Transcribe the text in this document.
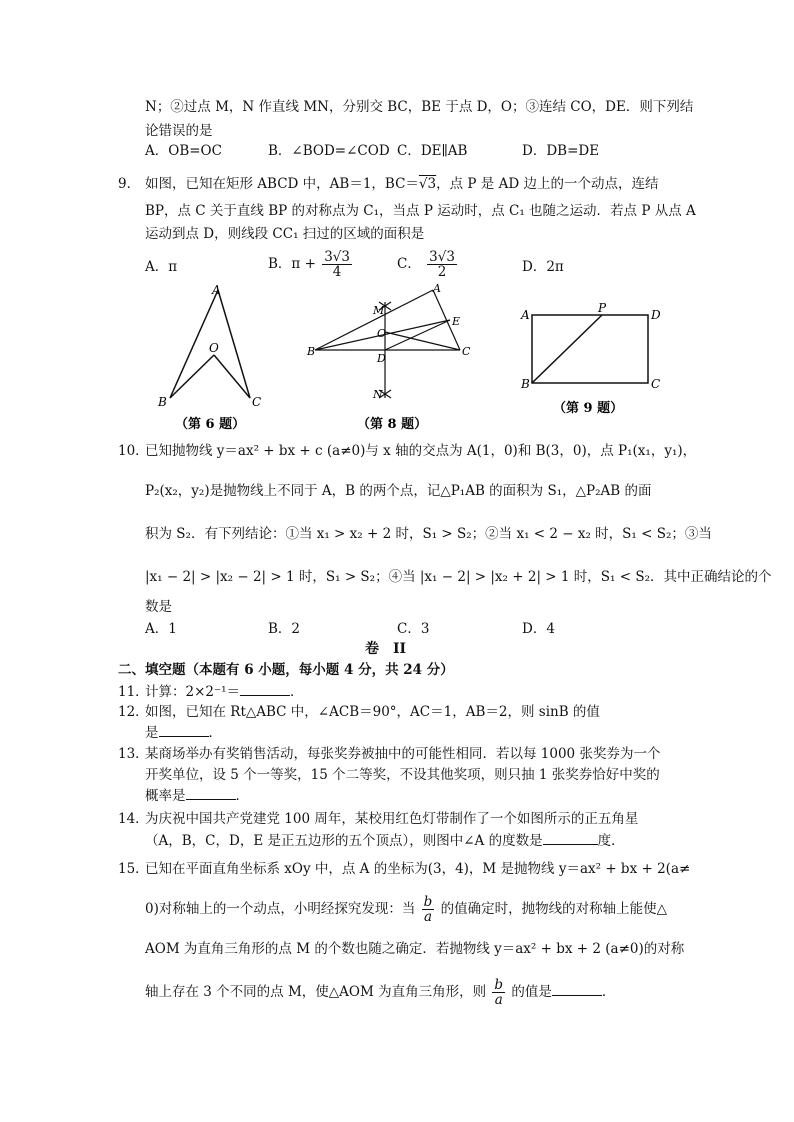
N；②过点 M，N 作直线 MN，分别交 BC，BE 于点 D，O；③连结 CO，DE．则下列结
论错误的是
A．OB=OC	B．∠BOD=∠COD C．DE∥AB	D．DB=DE
9． 如图，已知在矩形 ABCD 中，AB＝1，BC＝√3，点 P 是 AD 边上的一个动点，连结
BP，点 C 关于直线 BP 的对称点为 C₁，当点 P 运动时，点 C₁ 也随之运动．若点 P 从点 A
运动到点 D，则线段 CC₁ 扫过的区域的面积是
A．π	B．$\pi + \frac{3√3}{4}$	C． $\frac{3√3}{2}$	D．2π
A
O
B	C
（第 6 题）
A
M
O
E
B
D
C
N
（第 8 题）
A	P	D
B	C
（第 9 题）
10．
已知抛物线 y＝ax² + bx + c (a≠0)与 x 轴的交点为 A(1，0)和 B(3，0)，点 P₁(x₁，y₁)，
P₂(x₂，y₂)是抛物线上不同于 A，B 的两个点，记△P₁AB 的面积为 S₁，△P₂AB 的面
积为 S₂．有下列结论：①当 x₁ > x₂ + 2 时，S₁ > S₂；②当 x₁ < 2 − x₂ 时，S₁ < S₂；③当
|x₁ − 2| > |x₂ − 2| > 1 时，S₁ > S₂；④当 |x₁ − 2| > |x₂ + 2| > 1 时，S₁ < S₂．其中正确结论的个
数是
A．1	B．2	C．3	D．4
卷　II
二、填空题（本题有 6 小题，每小题 4 分，共 24 分）
11．
计算：2×2⁻¹＝	．
12．
如图，已知在 Rt△ABC 中，∠ACB＝90°，AC＝1，AB＝2，则 sinB 的值
是	．
13．
某商场举办有奖销售活动，每张奖券被抽中的可能性相同．若以每 1000 张奖券为一个
开奖单位，设 5 个一等奖，15 个二等奖，不设其他奖项，则只抽 1 张奖券恰好中奖的
概率是	．
14．
为庆祝中国共产党建党 100 周年，某校用红色灯带制作了一个如图所示的正五角星
（A，B，C，D，E 是正五边形的五个顶点），则图中∠A 的度数是	度．
15．
已知在平面直角坐标系 xOy 中，点 A 的坐标为(3，4)，M 是抛物线 y＝ax² + bx + 2(a≠
0)对称轴上的一个动点，小明经探究发现：当 $\frac{b}{a}$ 的值确定时，抛物线的对称轴上能使△
AOM 为直角三角形的点 M 的个数也随之确定．若抛物线 y＝ax² + bx + 2 (a≠0)的对称
轴上存在 3 个不同的点 M，使△AOM 为直角三角形，则 $\frac{b}{a}$ 的值是	．
